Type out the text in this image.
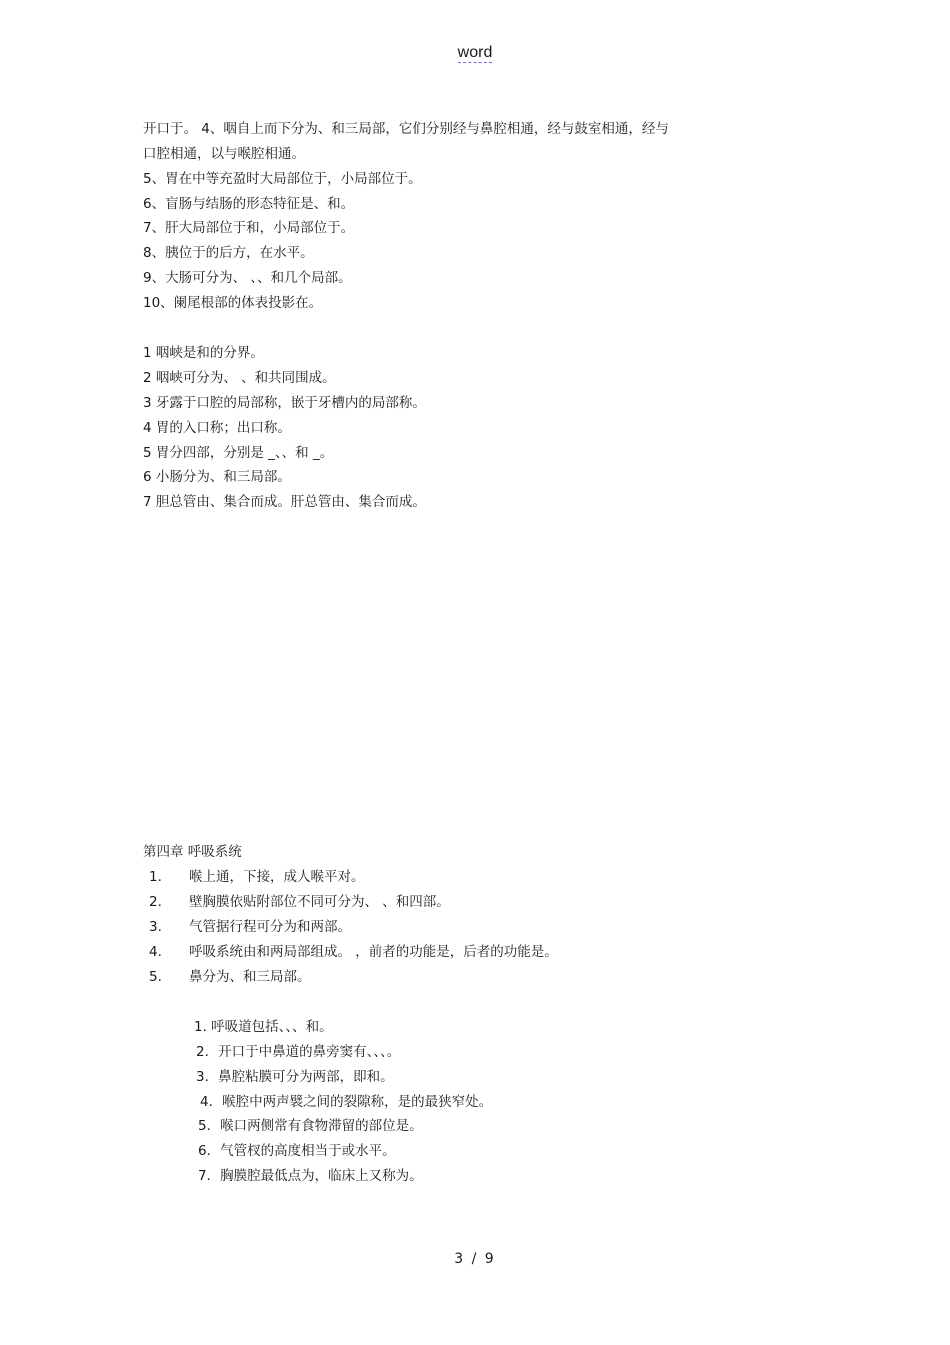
word
开口于。 4、咽自上而下分为、和三局部，它们分别经与鼻腔相通，经与鼓室相通，经与
口腔相通，以与喉腔相通。
5、胃在中等充盈时大局部位于，小局部位于。
6、盲肠与结肠的形态特征是、和。
7、肝大局部位于和，小局部位于。
8、胰位于的后方，在水平。
9、大肠可分为、 、、和几个局部。
10、阑尾根部的体表投影在。
1 咽峡是和的分界。
2 咽峡可分为、 、和共同围成。
3 牙露于口腔的局部称，嵌于牙槽内的局部称。
4 胃的入口称；出口称。
5 胃分四部，分别是 _、、和 _。
6 小肠分为、和三局部。
7 胆总管由、集合而成。肝总管由、集合而成。
第四章 呼吸系统
1. 喉上通，下接，成人喉平对。
2. 壁胸膜依贴附部位不同可分为、 、和四部。
3. 气管据行程可分为和两部。
4. 呼吸系统由和两局部组成。 ，前者的功能是，后者的功能是。
5. 鼻分为、和三局部。
1. 呼吸道包括、、、和。
2．开口于中鼻道的鼻旁窦有、、、。
3．鼻腔粘膜可分为两部，即和。
4．喉腔中两声襞之间的裂隙称，是的最狭窄处。
5．喉口两侧常有食物滞留的部位是。
6．气管杈的高度相当于或水平。
7．胸膜腔最低点为，临床上又称为。
3 / 9
